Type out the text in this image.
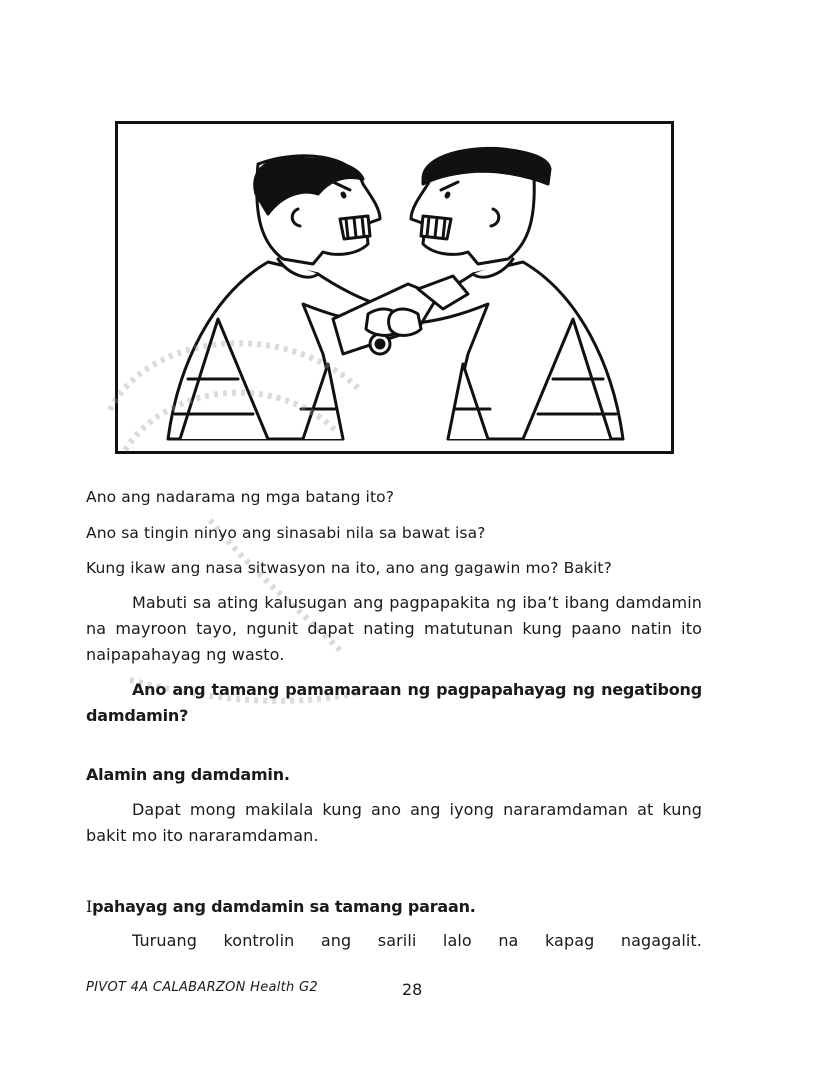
Ano ang nadarama ng mga batang ito?
Ano sa tingin ninyo ang sinasabi nila sa bawat isa?
Kung ikaw ang nasa sitwasyon na ito, ano ang gagawin mo? Bakit?
Mabuti sa ating kalusugan ang pagpapakita ng iba’t ibang damdamin na mayroon tayo, ngunit dapat nating matutunan kung paano natin ito naipapahayag ng wasto.
Ano ang tamang pamamaraan ng pagpapahayag ng negatibong damdamin?
Alamin ang damdamin.
Dapat mong makilala kung ano ang iyong nararamdaman at kung bakit mo ito nararamdaman.
Ipahayag ang damdamin sa tamang paraan.
Turuang kontrolin ang sarili lalo na kapag nagagalit.
PIVOT 4A CALABARZON Health G2	28
